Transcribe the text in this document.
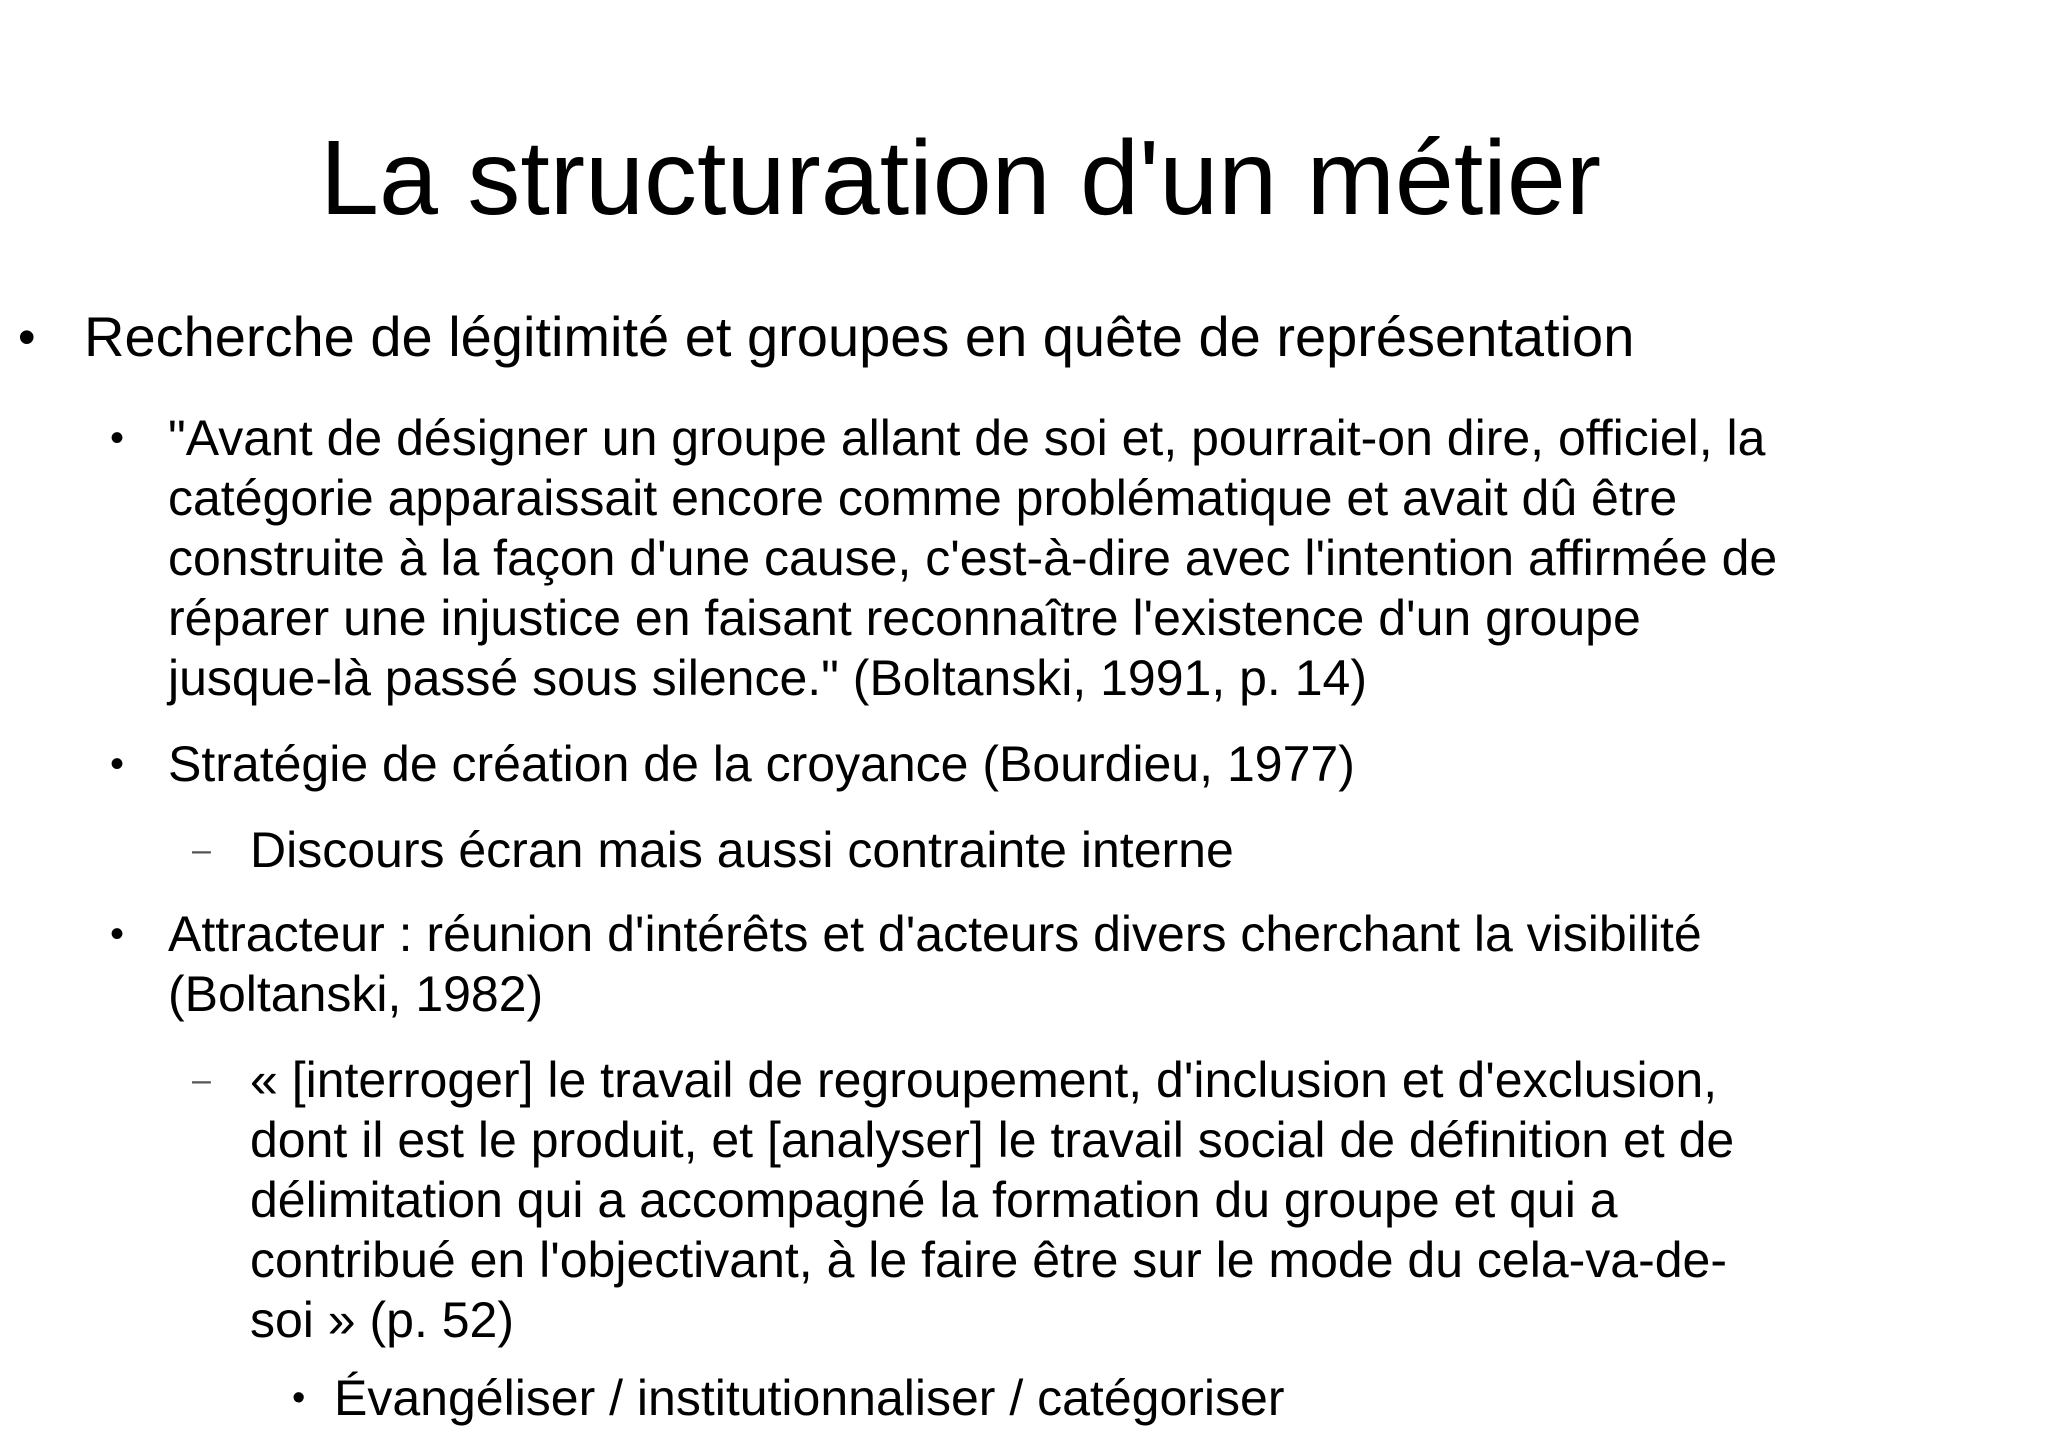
La structuration d'un métier
• Recherche de légitimité et groupes en quête de représentation
• "Avant de désigner un groupe allant de soi et, pourrait-on dire, officiel, la
catégorie apparaissait encore comme problématique et avait dû être
construite à la façon d'une cause, c'est-à-dire avec l'intention affirmée de
réparer une injustice en faisant reconnaître l'existence d'un groupe
jusque-là passé sous silence." (Boltanski, 1991, p. 14)
• Stratégie de création de la croyance (Bourdieu, 1977)
– Discours écran mais aussi contrainte interne
• Attracteur : réunion d'intérêts et d'acteurs divers cherchant la visibilité
(Boltanski, 1982)
– « [interroger] le travail de regroupement, d'inclusion et d'exclusion,
dont il est le produit, et [analyser] le travail social de définition et de
délimitation qui a accompagné la formation du groupe et qui a
contribué en l'objectivant, à le faire être sur le mode du cela-va-de-
soi » (p. 52)
• Évangéliser / institutionnaliser / catégoriser
